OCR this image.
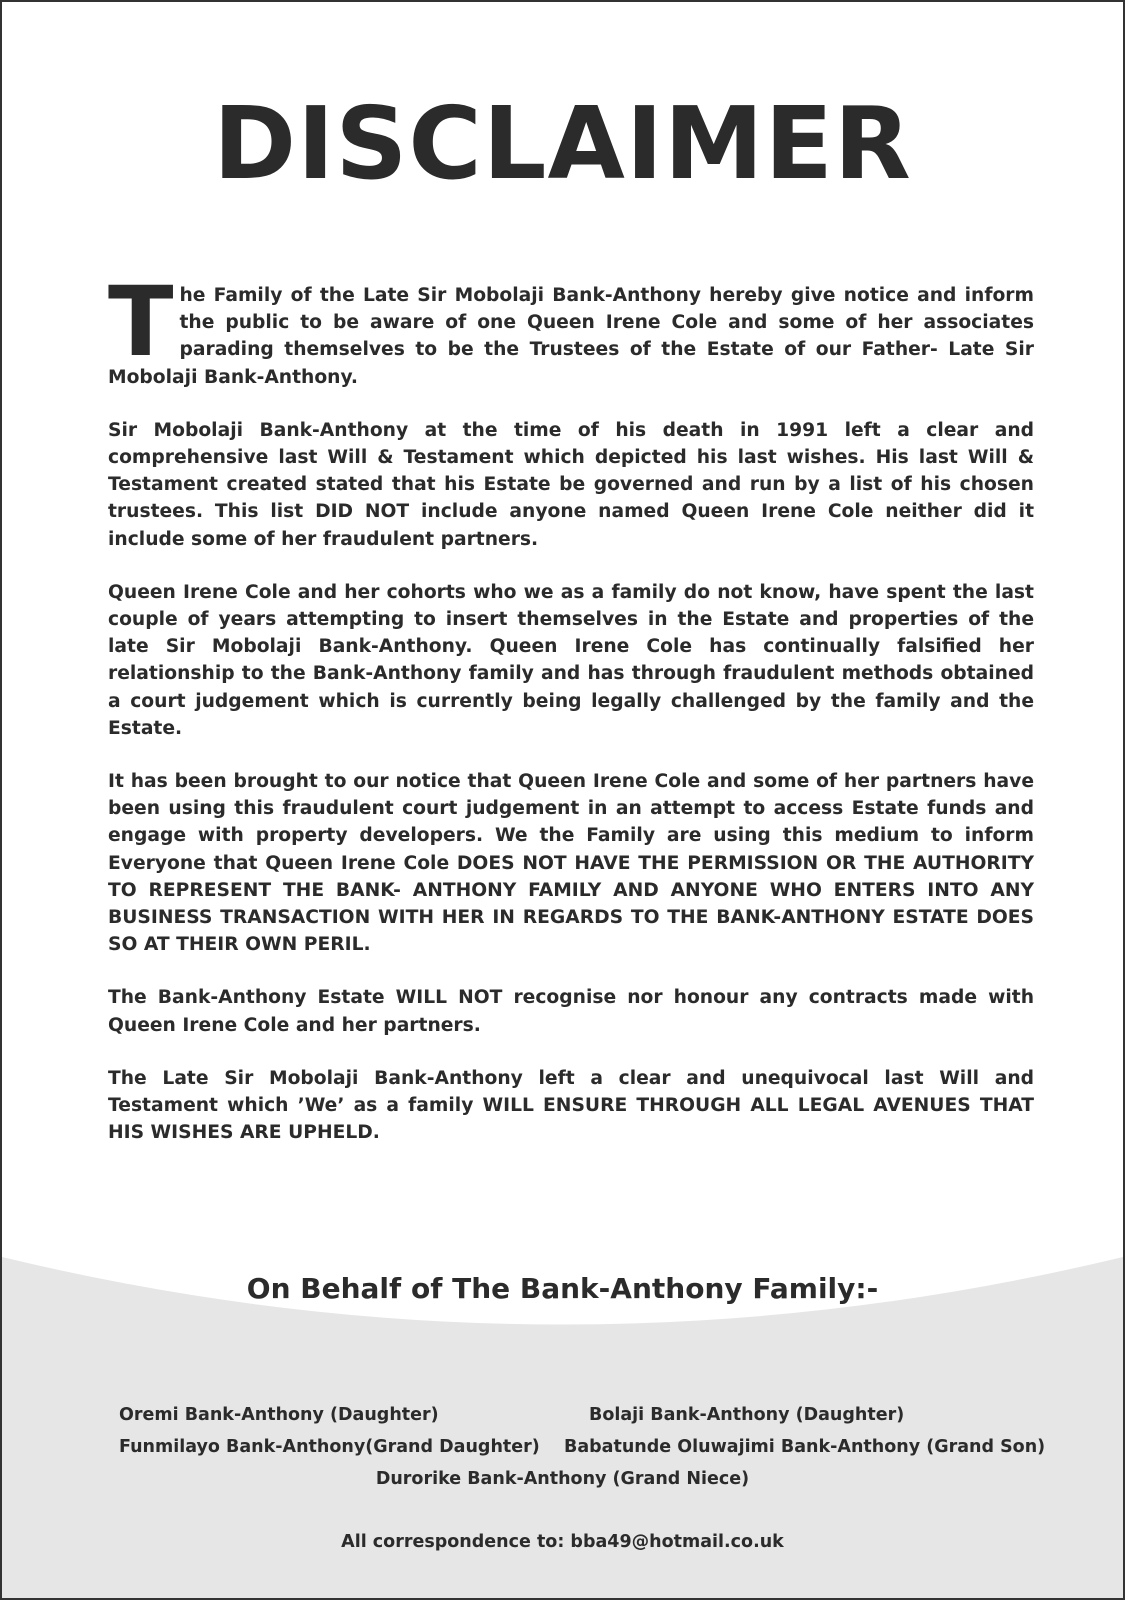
DISCLAIMER

The Family of the Late Sir Mobolaji Bank-Anthony hereby give notice and inform the public to be aware of one Queen Irene Cole and some of her associates parading themselves to be the Trustees of the Estate of our Father- Late Sir Mobolaji Bank-Anthony.

Sir Mobolaji Bank-Anthony at the time of his death in 1991 left a clear and comprehensive last Will & Testament which depicted his last wishes. His last Will & Testament created stated that his Estate be governed and run by a list of his chosen trustees. This list DID NOT include anyone named Queen Irene Cole neither did it include some of her fraudulent partners.

Queen Irene Cole and her cohorts who we as a family do not know, have spent the last couple of years attempting to insert themselves in the Estate and properties of the late Sir Mobolaji Bank-Anthony. Queen Irene Cole has continually falsified her relationship to the Bank-Anthony family and has through fraudulent methods obtained a court judgement which is currently being legally challenged by the family and the Estate.

It has been brought to our notice that Queen Irene Cole and some of her partners have been using this fraudulent court judgement in an attempt to access Estate funds and engage with property developers. We the Family are using this medium to inform Everyone that Queen Irene Cole DOES NOT HAVE THE PERMISSION OR THE AUTHORITY TO REPRESENT THE BANK- ANTHONY FAMILY AND ANYONE WHO ENTERS INTO ANY BUSINESS TRANSACTION WITH HER IN REGARDS TO THE BANK-ANTHONY ESTATE DOES SO AT THEIR OWN PERIL.

The Bank-Anthony Estate WILL NOT recognise nor honour any contracts made with Queen Irene Cole and her partners.

The Late Sir Mobolaji Bank-Anthony left a clear and unequivocal last Will and Testament which ’We’ as a family WILL ENSURE THROUGH ALL LEGAL AVENUES THAT HIS WISHES ARE UPHELD.

On Behalf of The Bank-Anthony Family:-
Oremi Bank-Anthony (Daughter)	Bolaji Bank-Anthony (Daughter)
Funmilayo Bank-Anthony(Grand Daughter) Babatunde Oluwajimi Bank-Anthony (Grand Son)
Durorike Bank-Anthony (Grand Niece)
All correspondence to: bba49@hotmail.co.uk
